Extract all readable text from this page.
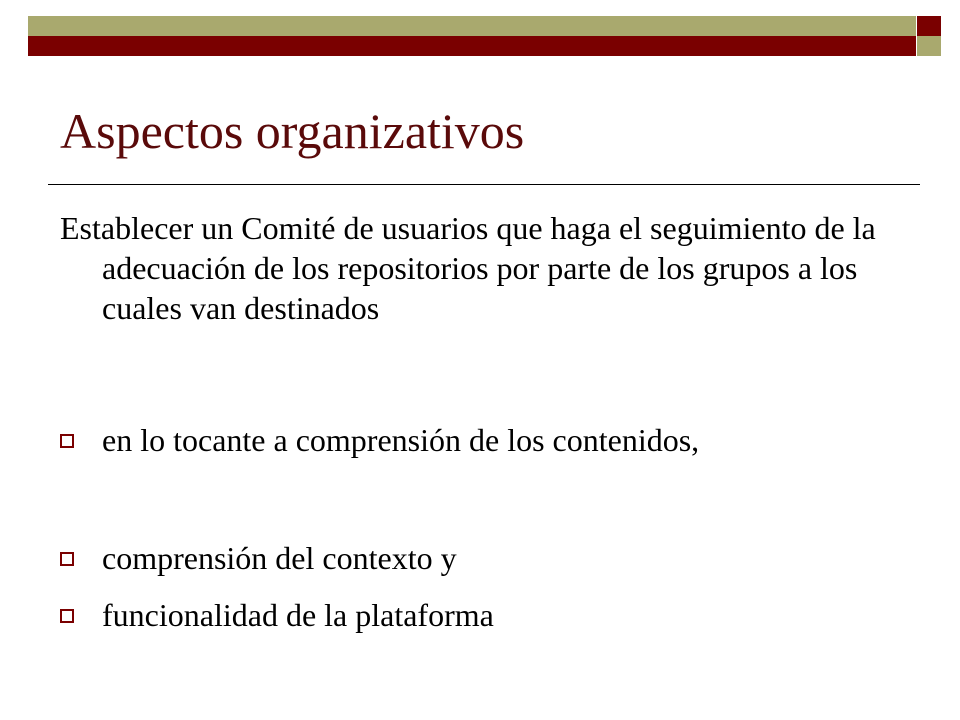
Aspectos organizativos
Establecer un Comité de usuarios que haga el seguimiento de la adecuación de los repositorios por parte de los grupos a los cuales van destinados
en lo tocante a comprensión de los contenidos,
comprensión del contexto y
funcionalidad de la plataforma
